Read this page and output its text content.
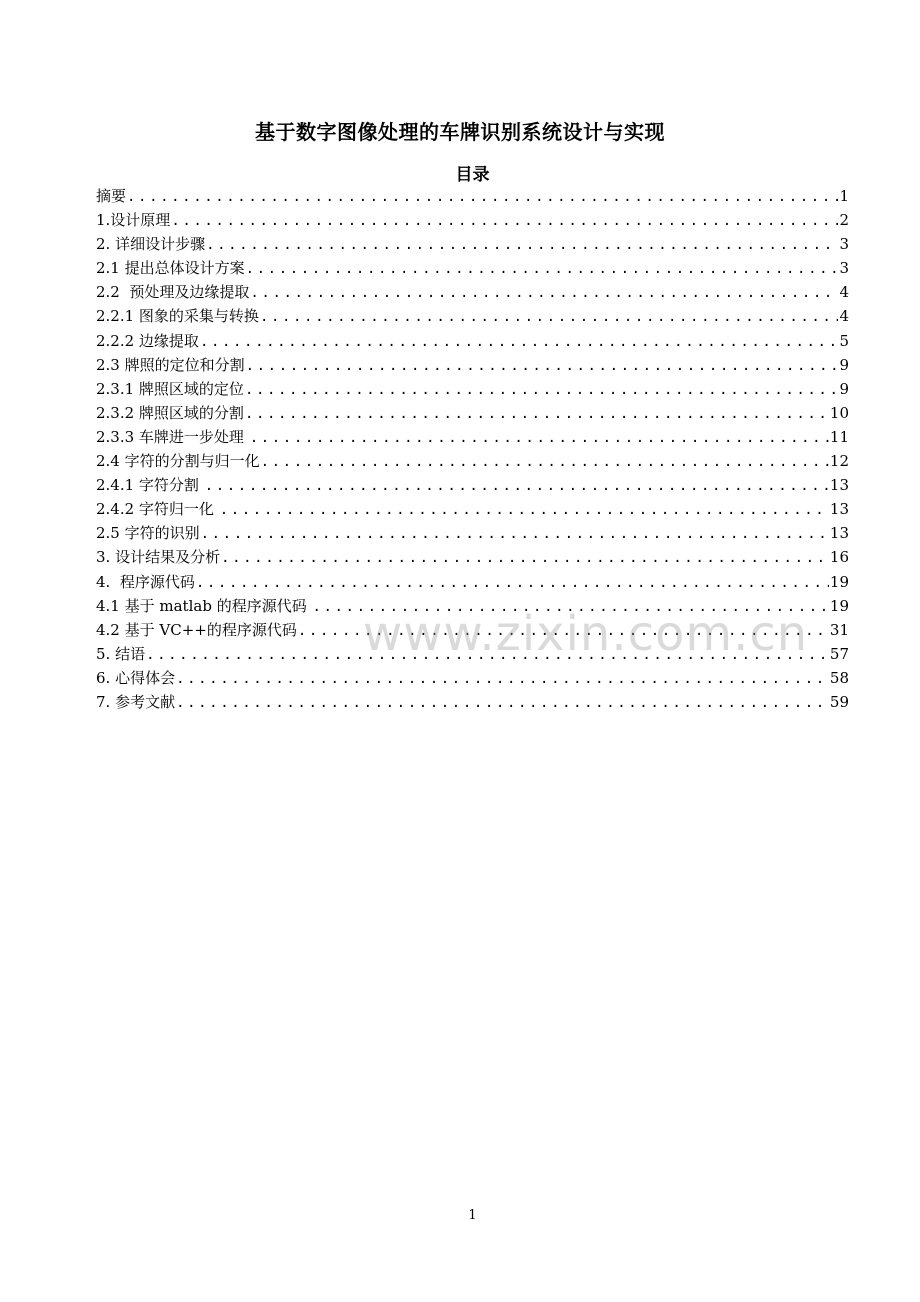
基于数字图像处理的车牌识别系统设计与实现
目录
摘要 .....	1
1.设计原理 .....	2
2. 详细设计步骤 .....	3
2.1 提出总体设计方案 .....	3
2.2  预处理及边缘提取 .....	4
2.2.1 图象的采集与转换 .....	4
2.2.2 边缘提取 .....	5
2.3 牌照的定位和分割 .....	9
2.3.1 牌照区域的定位 .....	9
2.3.2 牌照区域的分割 .....	10
2.3.3 车牌进一步处理 .....	11
2.4 字符的分割与归一化 .....	12
2.4.1 字符分割 .....	13
2.4.2 字符归一化 .....	13
2.5 字符的识别 .....	13
3. 设计结果及分析 .....	16
4.  程序源代码 .....	19
4.1 基于 matlab 的程序源代码 .....	19
4.2 基于 VC++的程序源代码 .....	31
5. 结语 .....	57
6. 心得体会 .....	58
7. 参考文献 .....	59
www.zixin.com.cn
1
